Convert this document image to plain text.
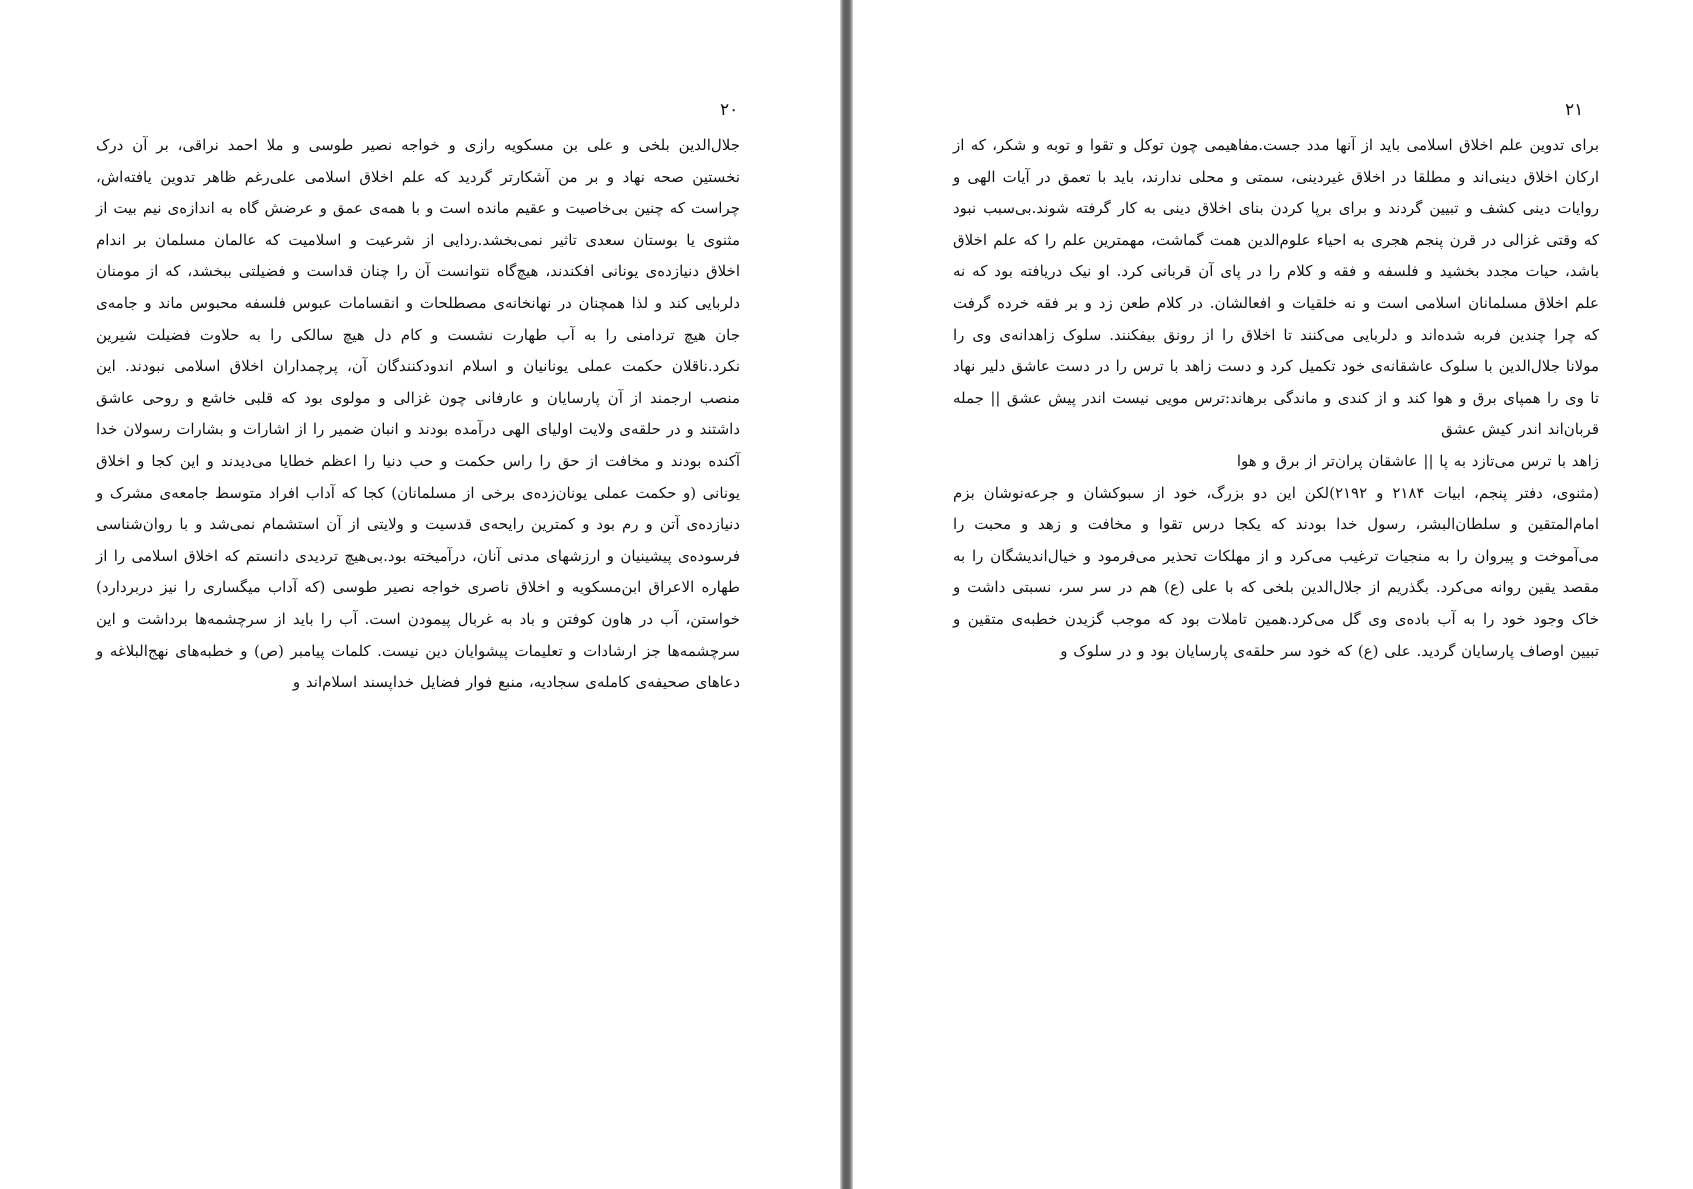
۲۰

جلال‌الدین بلخی و علی بن مسکویه رازی و خواجه نصیر طوسی و ملا احمد نراقی، بر آن درک نخستین صحه نهاد و بر من آشکارتر گردید که علم اخلاق اسلامی علی‌رغم ظاهر تدوین یافته‌اش، چراست که چنین بی‌خاصیت و عقیم مانده است و با همه‌ی عمق و عرضش گاه به اندازه‌ی نیم بیت از مثنوی یا بوستان سعدی تاثیر نمی‌بخشد.ردایی از شرعیت و اسلامیت که عالمان مسلمان بر اندام اخلاق دنیازده‌ی یونانی افکندند، هیچ‌گاه نتوانست آن را چنان قداست و فضیلتی ببخشد، که از مومنان دلربایی کند و لذا همچنان در نهانخانه‌ی مصطلحات و انقسامات عبوس فلسفه محبوس ماند و جامه‌ی جان هیچ تردامنی را به آب طهارت نشست و کام دل هیچ سالکی را به حلاوت فضیلت شیرین نکرد.ناقلان حکمت عملی یونانیان و اسلام اندودکنندگان آن، پرچمداران اخلاق اسلامی نبودند. این منصب ارجمند از آن پارسایان و عارفانی چون غزالی و مولوی بود که قلبی خاشع و روحی عاشق داشتند و در حلقه‌ی ولایت اولیای الهی درآمده بودند و انبان ضمیر را از اشارات و بشارات رسولان خدا آکنده بودند و مخافت از حق را راس حکمت و حب دنیا را اعظم خطایا می‌دیدند و این کجا و اخلاق یونانی (و حکمت عملی یونان‌زده‌ی برخی از مسلمانان) کجا که آداب افراد متوسط جامعه‌ی مشرک و دنیازده‌ی آتن و رم بود و کمترین رایحه‌ی قدسیت و ولایتی از آن استشمام نمی‌شد و با روان‌شناسی فرسوده‌ی پیشینیان و ارزشهای مدنی آنان، درآمیخته بود.بی‌هیچ تردیدی دانستم که اخلاق اسلامی را از طهاره الاعراق ابن‌مسکویه و اخلاق ناصری خواجه نصیر طوسی (که آداب میگساری را نیز دربردارد) خواستن، آب در هاون کوفتن و باد به غربال پیمودن است. آب را باید از سرچشمه‌ها برداشت و این سرچشمه‌ها جز ارشادات و تعلیمات پیشوایان دین نیست. کلمات پیامبر (ص) و خطبه‌های نهج‌البلاغه و دعاهای صحیفه‌ی کامله‌ی سجادیه، منبع فوار فضایل خداپسند اسلام‌اند و

۲۱

برای تدوین علم اخلاق اسلامی باید از آنها مدد جست.مفاهیمی چون توکل و تقوا و توبه و شکر، که از ارکان اخلاق دینی‌اند و مطلقا در اخلاق غیردینی، سمتی و محلی ندارند، باید با تعمق در آیات الهی و روایات دینی کشف و تبیین گردند و برای برپا کردن بنای اخلاق دینی به کار گرفته شوند.بی‌سبب نبود که وقتی غزالی در قرن پنجم هجری به احیاء علوم‌الدین همت گماشت، مهمترین علم را که علم اخلاق باشد، حیات مجدد بخشید و فلسفه و فقه و کلام را در پای آن قربانی کرد. او نیک دریافته بود که نه علم اخلاق مسلمانان اسلامی است و نه خلقیات و افعالشان. در کلام طعن زد و بر فقه خرده گرفت که چرا چندین فربه شده‌اند و دلربایی می‌کنند تا اخلاق را از رونق بیفکنند. سلوک زاهدانه‌ی وی را مولانا جلال‌الدین با سلوک عاشقانه‌ی خود تکمیل کرد و دست زاهد با ترس را در دست عاشق دلیر نهاد تا وی را همپای برق و هوا کند و از کندی و ماندگی برهاند:ترس مویی نیست اندر پیش عشق || جمله قربان‌اند اندر کیش عشق

زاهد با ترس می‌تازد به پا || عاشقان پران‌تر از برق و هوا

(مثنوی، دفتر پنجم، ابیات ۲۱۸۴ و ۲۱۹۲)لکن این دو بزرگ، خود از سبوکشان و جرعه‌نوشان بزم امام‌المتقین و سلطان‌البشر، رسول خدا بودند که یکجا درس تقوا و مخافت و زهد و محبت را می‌آموخت و پیروان را به منجیات ترغیب می‌کرد و از مهلکات تحذیر می‌فرمود و خیال‌اندیشگان را به مقصد یقین روانه می‌کرد. بگذریم از جلال‌الدین بلخی که با علی (ع) هم در سر سر، نسبتی داشت و خاک وجود خود را به آب باده‌ی وی گل می‌کرد.همین تاملات بود که موجب گزیدن خطبه‌ی متقین و تبیین اوصاف پارسایان گردید. علی (ع) که خود سر حلقه‌ی پارسایان بود و در سلوک و
